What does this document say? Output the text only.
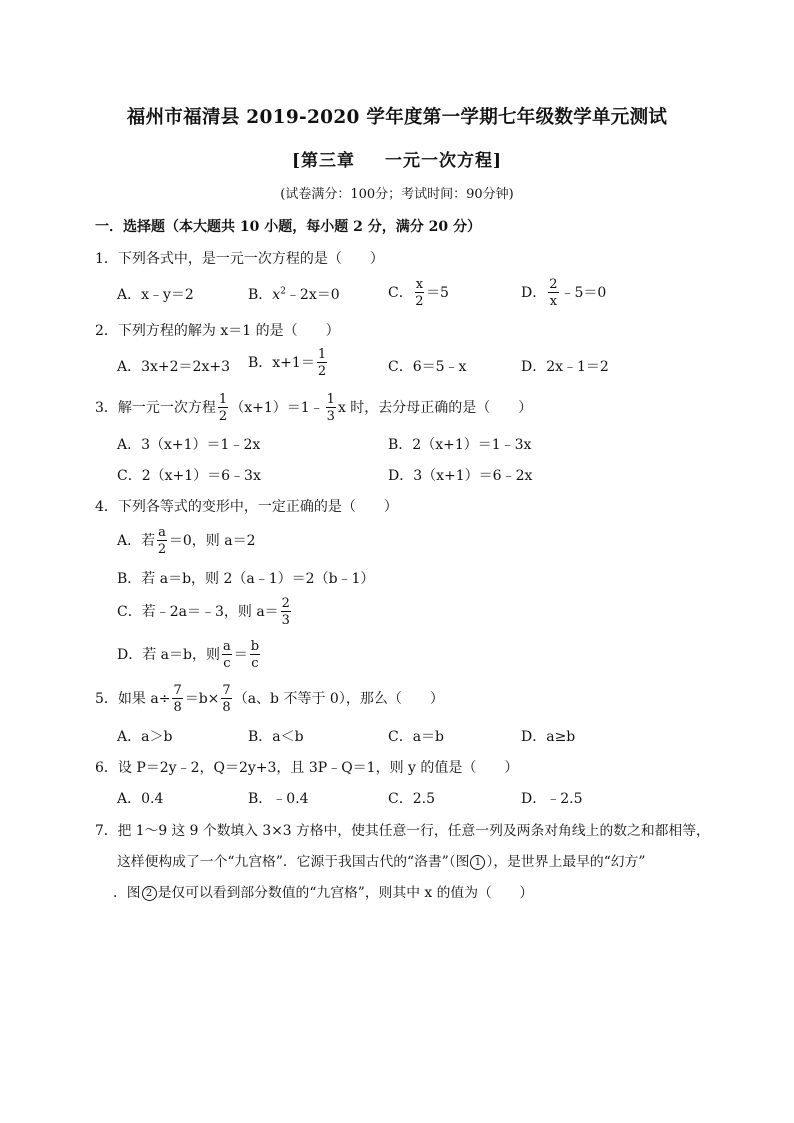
福州市福清县 2019-2020 学年度第一学期七年级数学单元测试
[第三章 一元一次方程]
(试卷满分：100分；考试时间：90分钟)
一．选择题（本大题共 10 小题，每小题 2 分，满分 20 分）
1．下列各式中，是一元一次方程的是（　　）
A．x﹣y＝2	B．$x^2﹣2x=0$	C． $\frac{x}{2} =5$	D． $\frac{2}{x}$ ﹣5＝0
2．下列方程的解为 x＝1 的是（　　）
A．3x+2＝2x+3 B．$x+1= \frac{1}{2}$	C．6＝5﹣x	D．2x﹣1＝2
3．解一元一次方程 $\frac{1}{2}$ （x+1）＝1﹣ $\frac{1}{3}$ x 时，去分母正确的是（　　）
A．3（x+1）＝1﹣2x	B．2（x+1）＝1﹣3x
C．2（x+1）＝6﹣3x	D．3（x+1）＝6﹣2x
4．下列各等式的变形中，一定正确的是（　　）
A．若 $\frac{a}{2} =0$，则 a＝2
B．若 a＝b，则 2（a﹣1）＝2（b﹣1）
C．若﹣2a＝﹣3，则 $a= \frac{2}{3}$
D．若 a＝b，则 $\frac{a}{c} = \frac{b}{c}$
5．如果 $a\div \frac{7}{8} =b\times \frac{7}{8} (a$、b 不等于 0），那么（　　）
A．a＞b	B．a＜b	C．a＝b	D．a≥b
6．设 P＝2y﹣2，Q＝2y+3，且 3P﹣Q＝1，则 y 的值是（　　）
A．0.4	B．﹣0.4	C．2.5	D．﹣2.5
7．把 1～9 这 9 个数填入 3×3 方格中，使其任意一行，任意一列及两条对角线上的数之和都相等，
这样便构成了一个“九宫格”．它源于我国古代的“洛書”（图 1 ），是世界上最早的“幻方”
．图 2 是仅可以看到部分数值的“九宫格”，则其中 x 的值为（　　）
